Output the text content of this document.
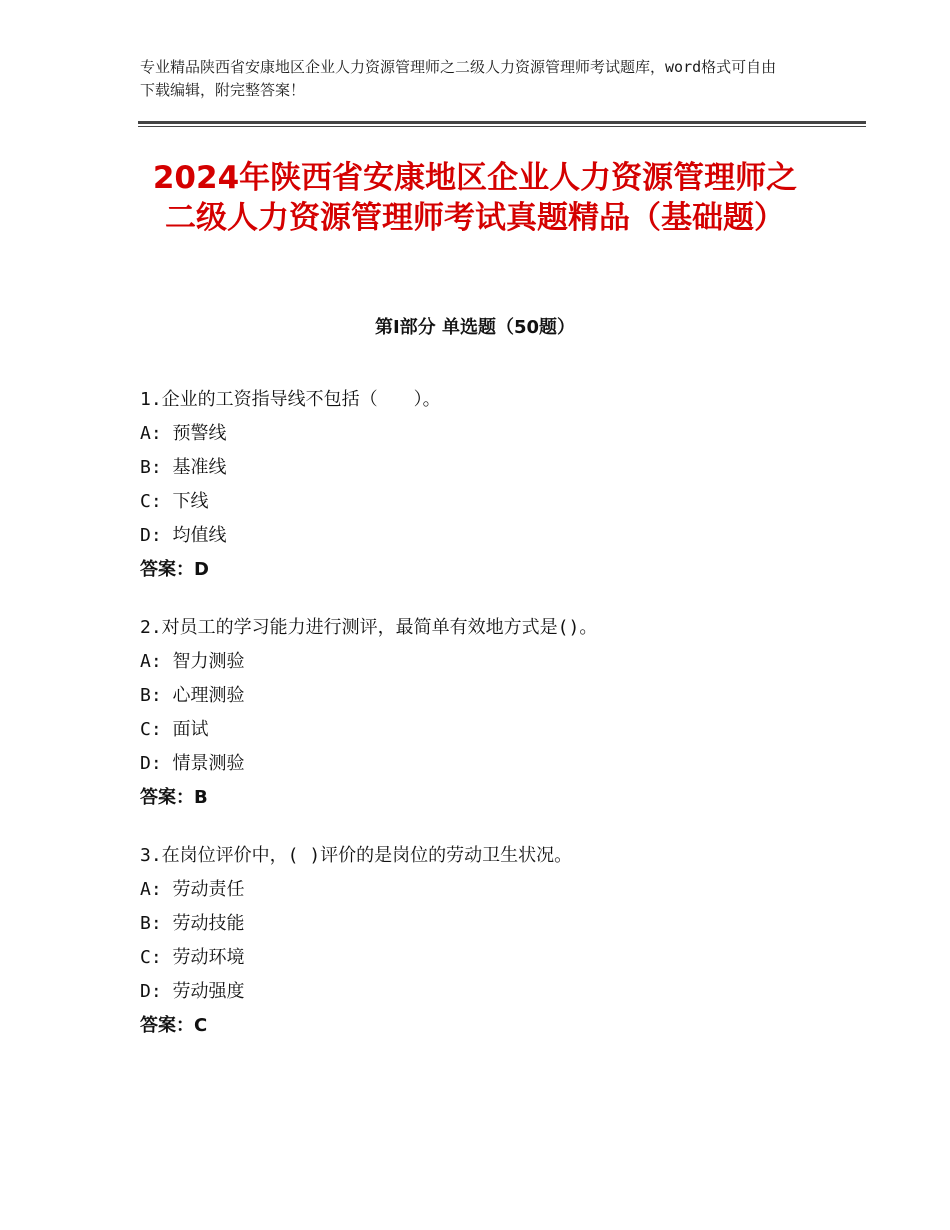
专业精品陕西省安康地区企业人力资源管理师之二级人力资源管理师考试题库，word格式可自由下载编辑，附完整答案！
2024年陕西省安康地区企业人力资源管理师之二级人力资源管理师考试真题精品（基础题）
第Ⅰ部分 单选题（50题）
1.企业的工资指导线不包括（　　）。
A: 预警线
B: 基准线
C: 下线
D: 均值线
答案：D
2.对员工的学习能力进行测评，最简单有效地方式是()。
A: 智力测验
B: 心理测验
C: 面试
D: 情景测验
答案：B
3.在岗位评价中，( )评价的是岗位的劳动卫生状况。
A: 劳动责任
B: 劳动技能
C: 劳动环境
D: 劳动强度
答案：C
